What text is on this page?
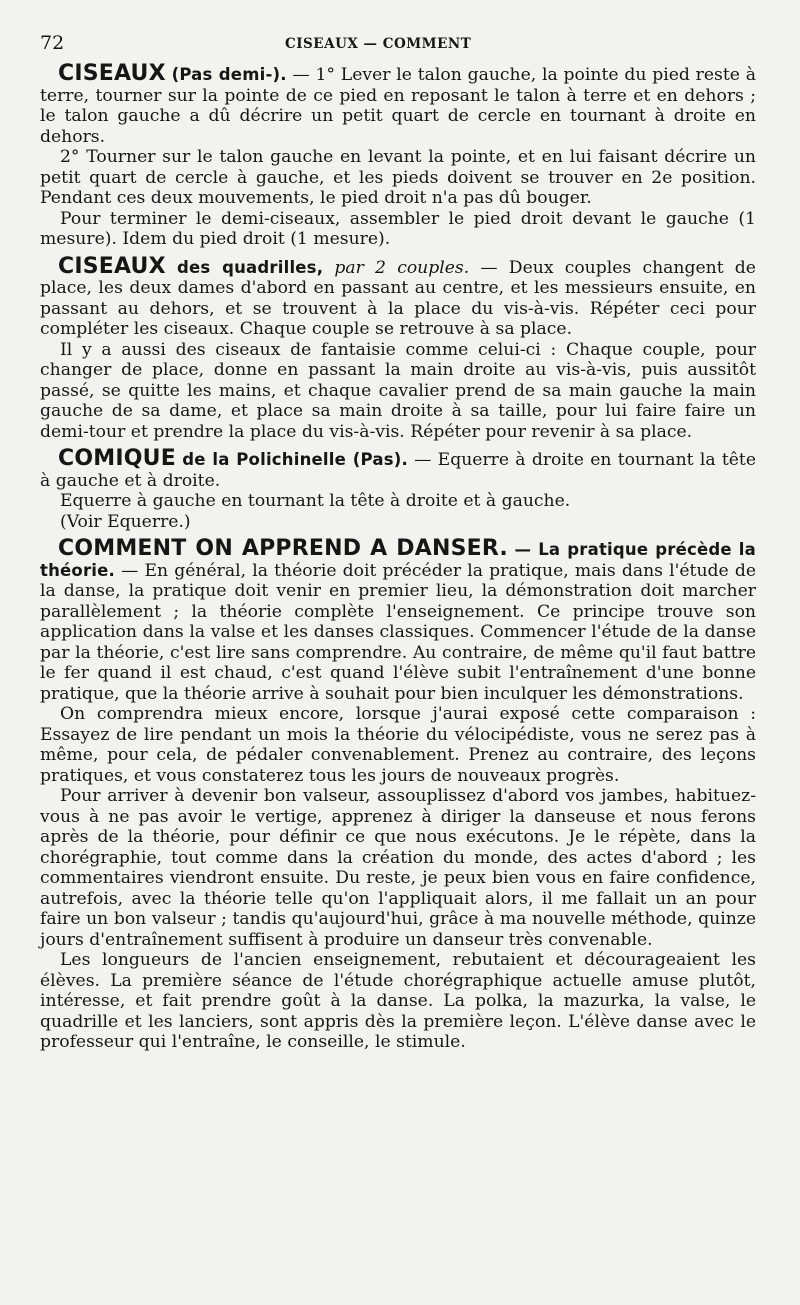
72	CISEAUX — COMMENT

CISEAUX (Pas demi-). — 1° Lever le talon gauche, la pointe du pied reste à terre, tourner sur la pointe de ce pied en reposant le talon à terre et en dehors ; le talon gauche a dû décrire un petit quart de cercle en tournant à droite en dehors.

2° Tourner sur le talon gauche en levant la pointe, et en lui faisant décrire un petit quart de cercle à gauche, et les pieds doivent se trouver en 2e position. Pendant ces deux mouvements, le pied droit n'a pas dû bouger.

Pour terminer le demi-ciseaux, assembler le pied droit devant le gauche (1 mesure). Idem du pied droit (1 mesure).

CISEAUX des quadrilles, par 2 couples. — Deux couples changent de place, les deux dames d'abord en passant au centre, et les messieurs ensuite, en passant au dehors, et se trouvent à la place du vis-à-vis. Répéter ceci pour compléter les ciseaux. Chaque couple se retrouve à sa place.

Il y a aussi des ciseaux de fantaisie comme celui-ci : Chaque couple, pour changer de place, donne en passant la main droite au vis-à-vis, puis aussitôt passé, se quitte les mains, et chaque cavalier prend de sa main gauche la main gauche de sa dame, et place sa main droite à sa taille, pour lui faire faire un demi-tour et prendre la place du vis-à-vis. Répéter pour revenir à sa place.

COMIQUE de la Polichinelle (Pas). — Equerre à droite en tournant la tête à gauche et à droite.

Equerre à gauche en tournant la tête à droite et à gauche.

(Voir Equerre.)

COMMENT ON APPREND A DANSER. — La pratique précède la théorie. — En général, la théorie doit précéder la pratique, mais dans l'étude de la danse, la pratique doit venir en premier lieu, la démonstration doit marcher parallèlement ; la théorie complète l'enseignement. Ce principe trouve son application dans la valse et les danses classiques. Commencer l'étude de la danse par la théorie, c'est lire sans comprendre. Au contraire, de même qu'il faut battre le fer quand il est chaud, c'est quand l'élève subit l'entraînement d'une bonne pratique, que la théorie arrive à souhait pour bien inculquer les démonstrations.

On comprendra mieux encore, lorsque j'aurai exposé cette comparaison : Essayez de lire pendant un mois la théorie du vélocipédiste, vous ne serez pas à même, pour cela, de pédaler convenablement. Prenez au contraire, des leçons pratiques, et vous constaterez tous les jours de nouveaux progrès.

Pour arriver à devenir bon valseur, assouplissez d'abord vos jambes, habituez-vous à ne pas avoir le vertige, apprenez à diriger la danseuse et nous ferons après de la théorie, pour définir ce que nous exécutons. Je le répète, dans la chorégraphie, tout comme dans la création du monde, des actes d'abord ; les commentaires viendront ensuite. Du reste, je peux bien vous en faire confidence, autrefois, avec la théorie telle qu'on l'appliquait alors, il me fallait un an pour faire un bon valseur ; tandis qu'aujourd'hui, grâce à ma nouvelle méthode, quinze jours d'entraînement suffisent à produire un danseur très convenable.

Les longueurs de l'ancien enseignement, rebutaient et décourageaient les élèves. La première séance de l'étude chorégraphique actuelle amuse plutôt, intéresse, et fait prendre goût à la danse. La polka, la mazurka, la valse, le quadrille et les lanciers, sont appris dès la première leçon. L'élève danse avec le professeur qui l'entraîne, le conseille, le stimule.
